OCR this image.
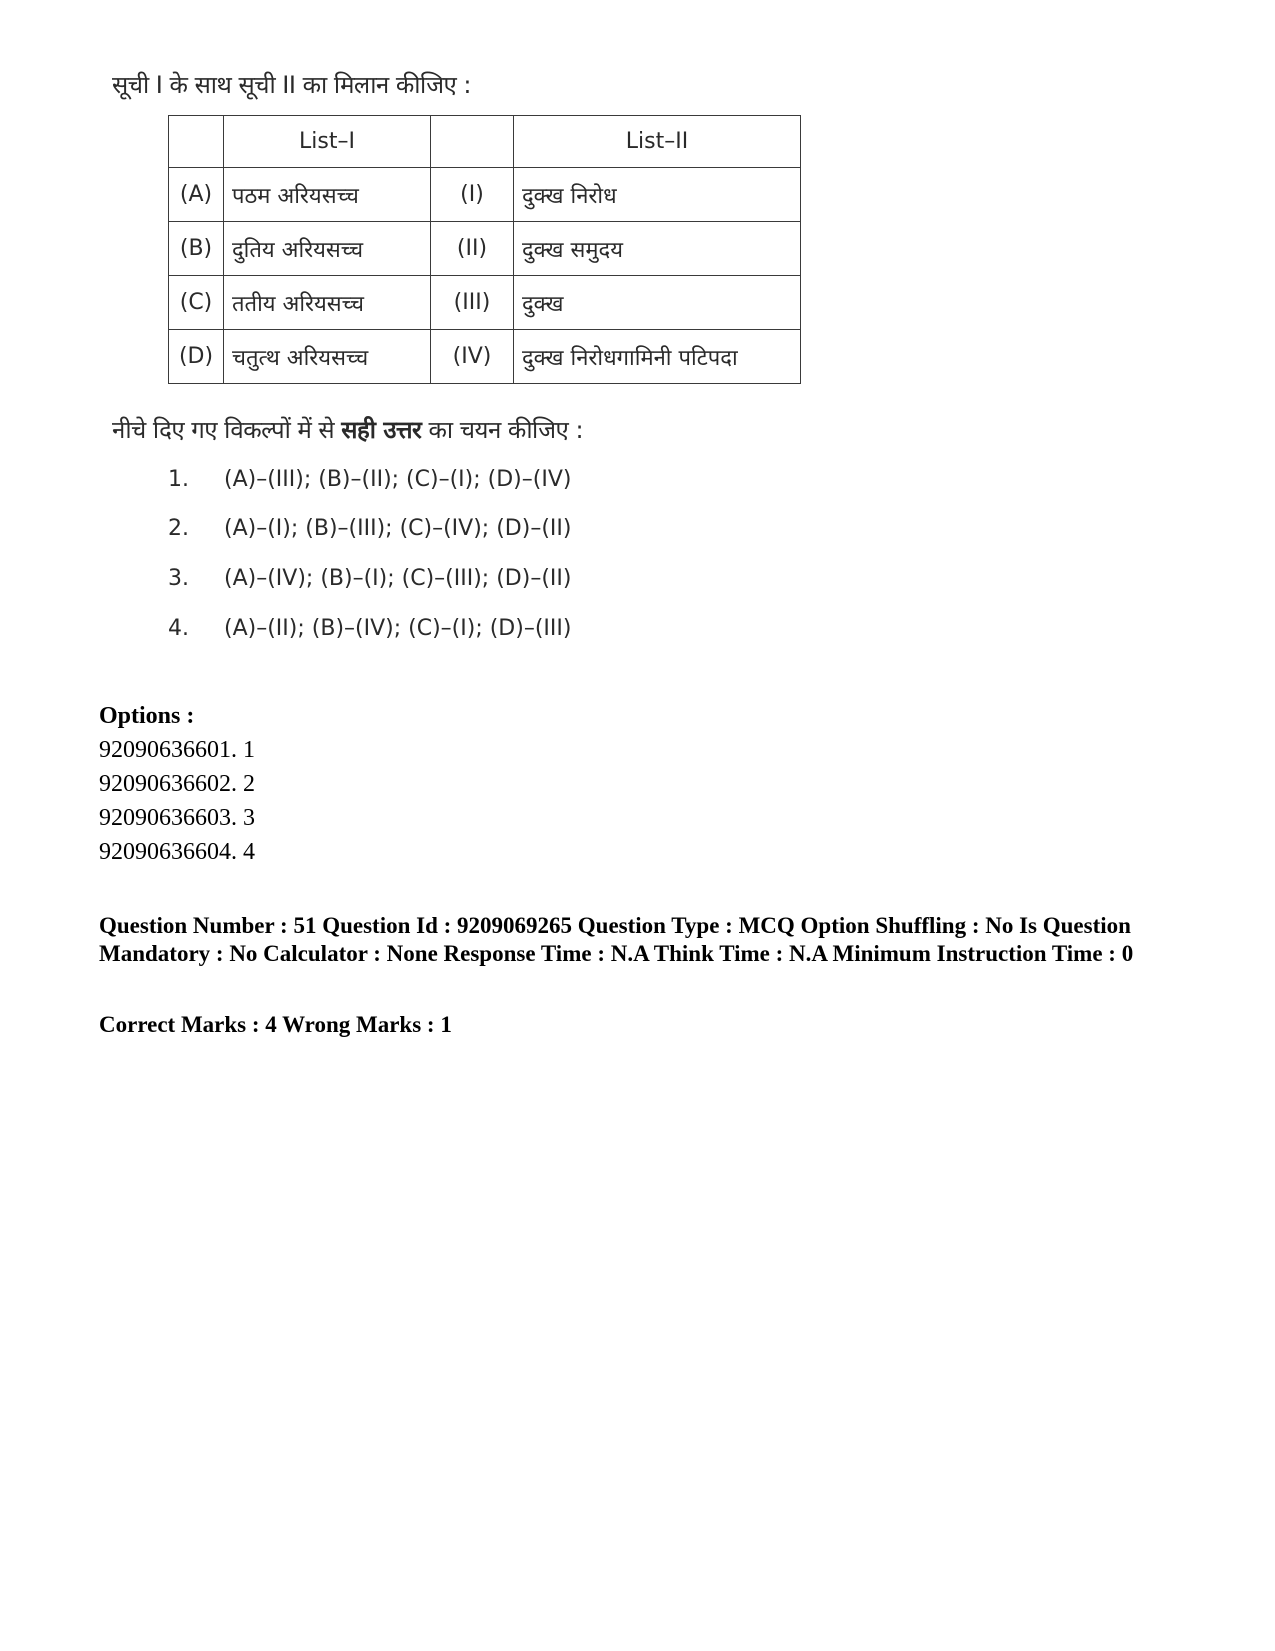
सूची I के साथ सूची II का मिलान कीजिए :
	List–I		List–II
(A)	पठम अरियसच्च	(I)	दुक्ख निरोध
(B)	दुतिय अरियसच्च	(II)	दुक्ख समुदय
(C)	ततीय अरियसच्च	(III)	दुक्ख
(D)	चतुत्थ अरियसच्च	(IV)	दुक्ख निरोधगामिनी पटिपदा
नीचे दिए गए विकल्पों में से सही उत्तर का चयन कीजिए :
1. (A)–(III); (B)–(II); (C)–(I); (D)–(IV)
2. (A)–(I); (B)–(III); (C)–(IV); (D)–(II)
3. (A)–(IV); (B)–(I); (C)–(III); (D)–(II)
4. (A)–(II); (B)–(IV); (C)–(I); (D)–(III)
Options :
92090636601. 1
92090636602. 2
92090636603. 3
92090636604. 4
Question Number : 51 Question Id : 9209069265 Question Type : MCQ Option Shuffling : No Is Question Mandatory : No Calculator : None Response Time : N.A Think Time : N.A Minimum Instruction Time : 0
Correct Marks : 4 Wrong Marks : 1
